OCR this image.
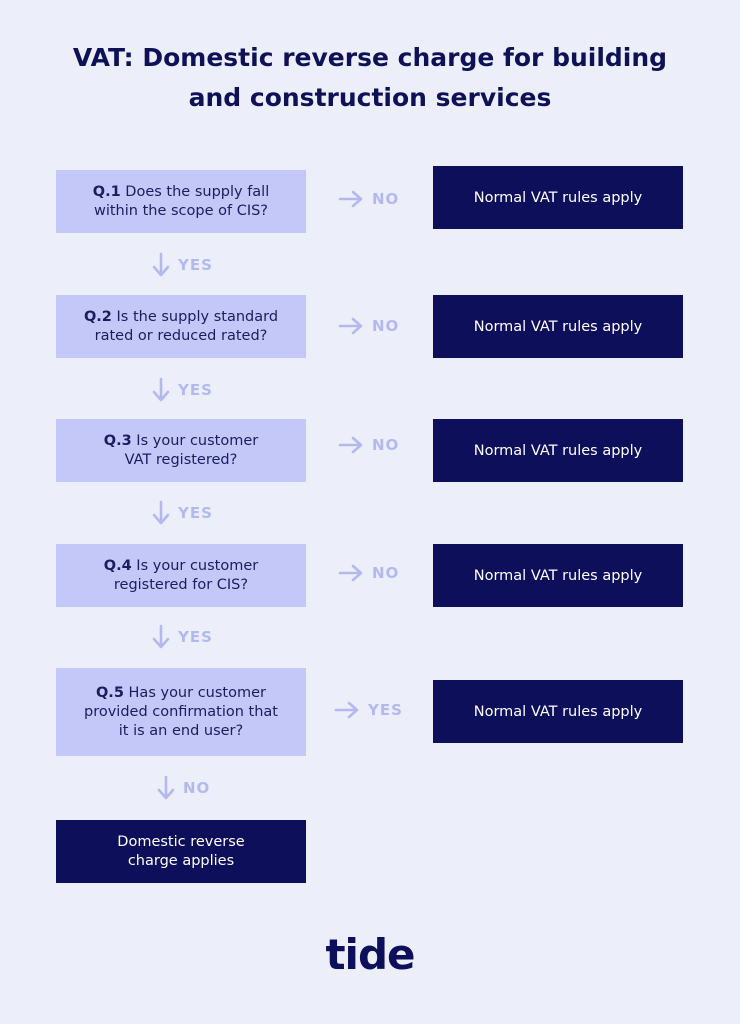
VAT: Domestic reverse charge for building
and construction services
Q.1 Does the supply fall
within the scope of CIS?
NO	Normal VAT rules apply
YES
Q.2 Is the supply standard
rated or reduced rated?
NO	Normal VAT rules apply
YES
Q.3 Is your customer
VAT registered?
NO	Normal VAT rules apply
YES
Q.4 Is your customer
registered for CIS?
NO	Normal VAT rules apply
YES
Q.5 Has your customer
provided confirmation that
it is an end user?
YES	Normal VAT rules apply
NO
Domestic reverse
charge applies
tide
